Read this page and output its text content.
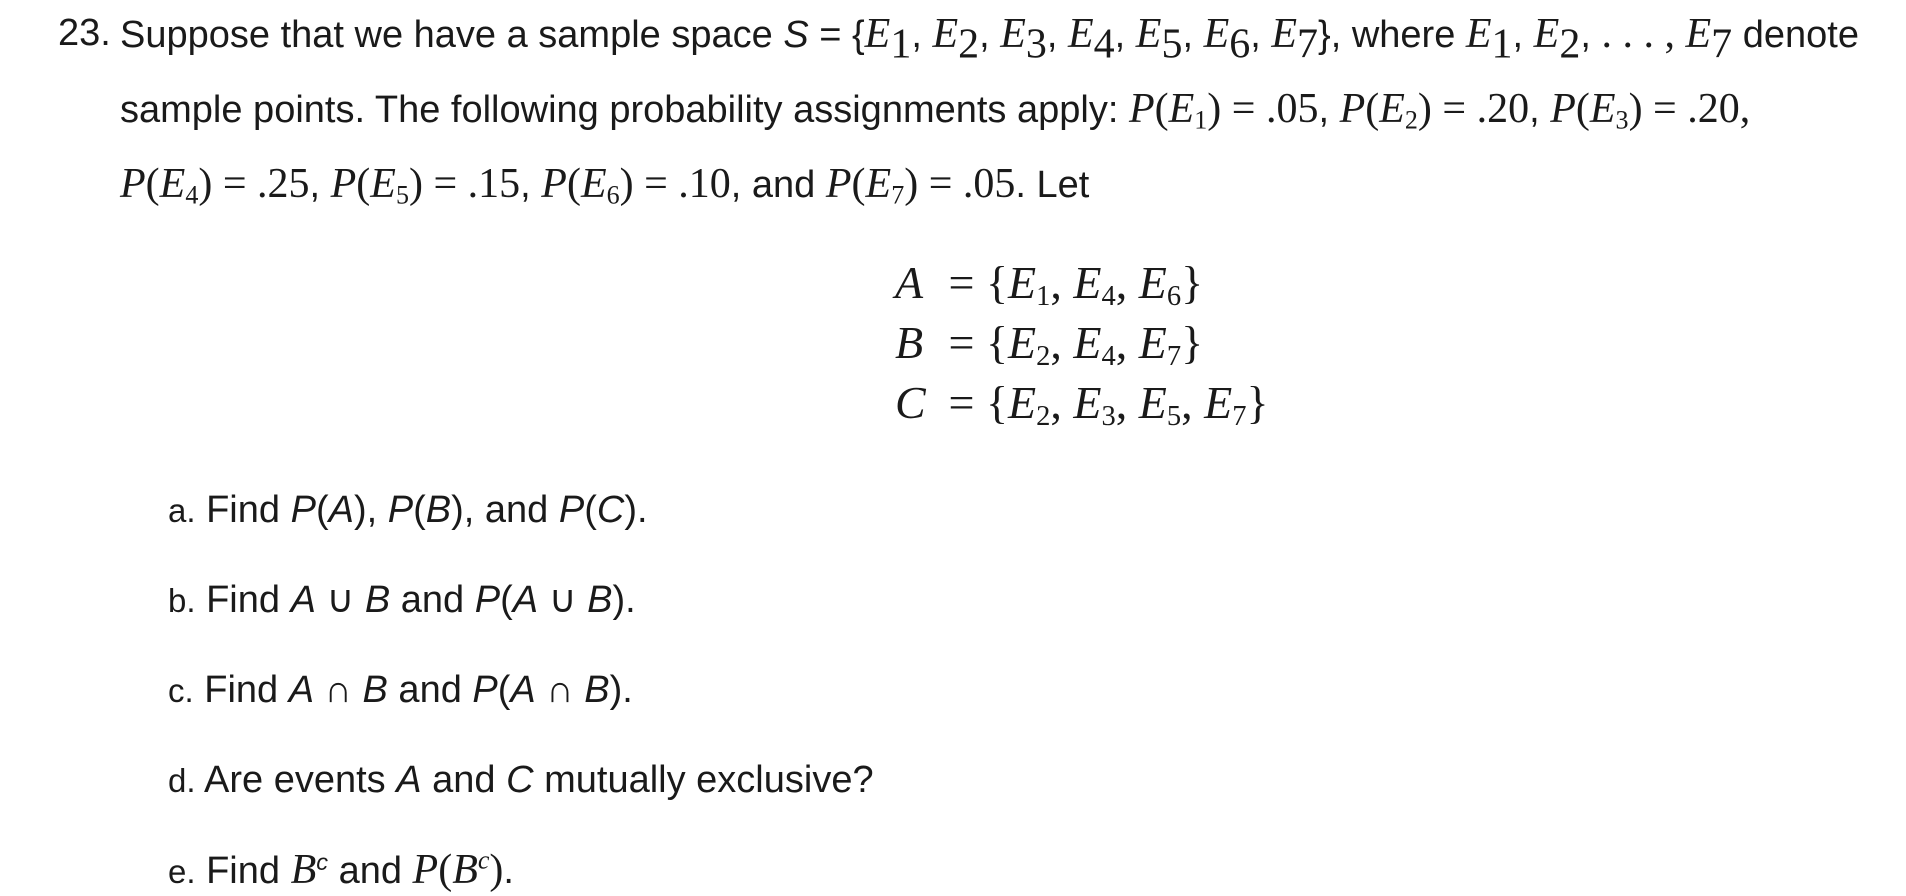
23. Suppose that we have a sample space $S = \{E_1$, $E_2$, $E_3$, $E_4$, $E_5$, $E_6$, $E_7$}, where $E_1$, $E_2$, . . . , $E_7$ denote
sample points. The following probability assignments apply: $P(E_1) = .05$, $P(E_2) = .20$, $P(E_3) = .20$,
$P(E_4) = .25$, $P(E_5) = .15$, $P(E_6) = .10$, and $P(E_7) = .05$. Let
$A = \{E_1$, $E_4$, $E_6$}
$B = \{E_2$, $E_4$, $E_7$}
$C = \{E_2$, $E_3$, $E_5$, $E_7$}
a. Find P(A), P(B), and P(C).
b. Find A ∪ B and P(A ∪ B).
c. Find A ∩ B and P(A ∩ B).
d. Are events A and C mutually exclusive?
e. Find $B^c$ and $P(B^c)$.
